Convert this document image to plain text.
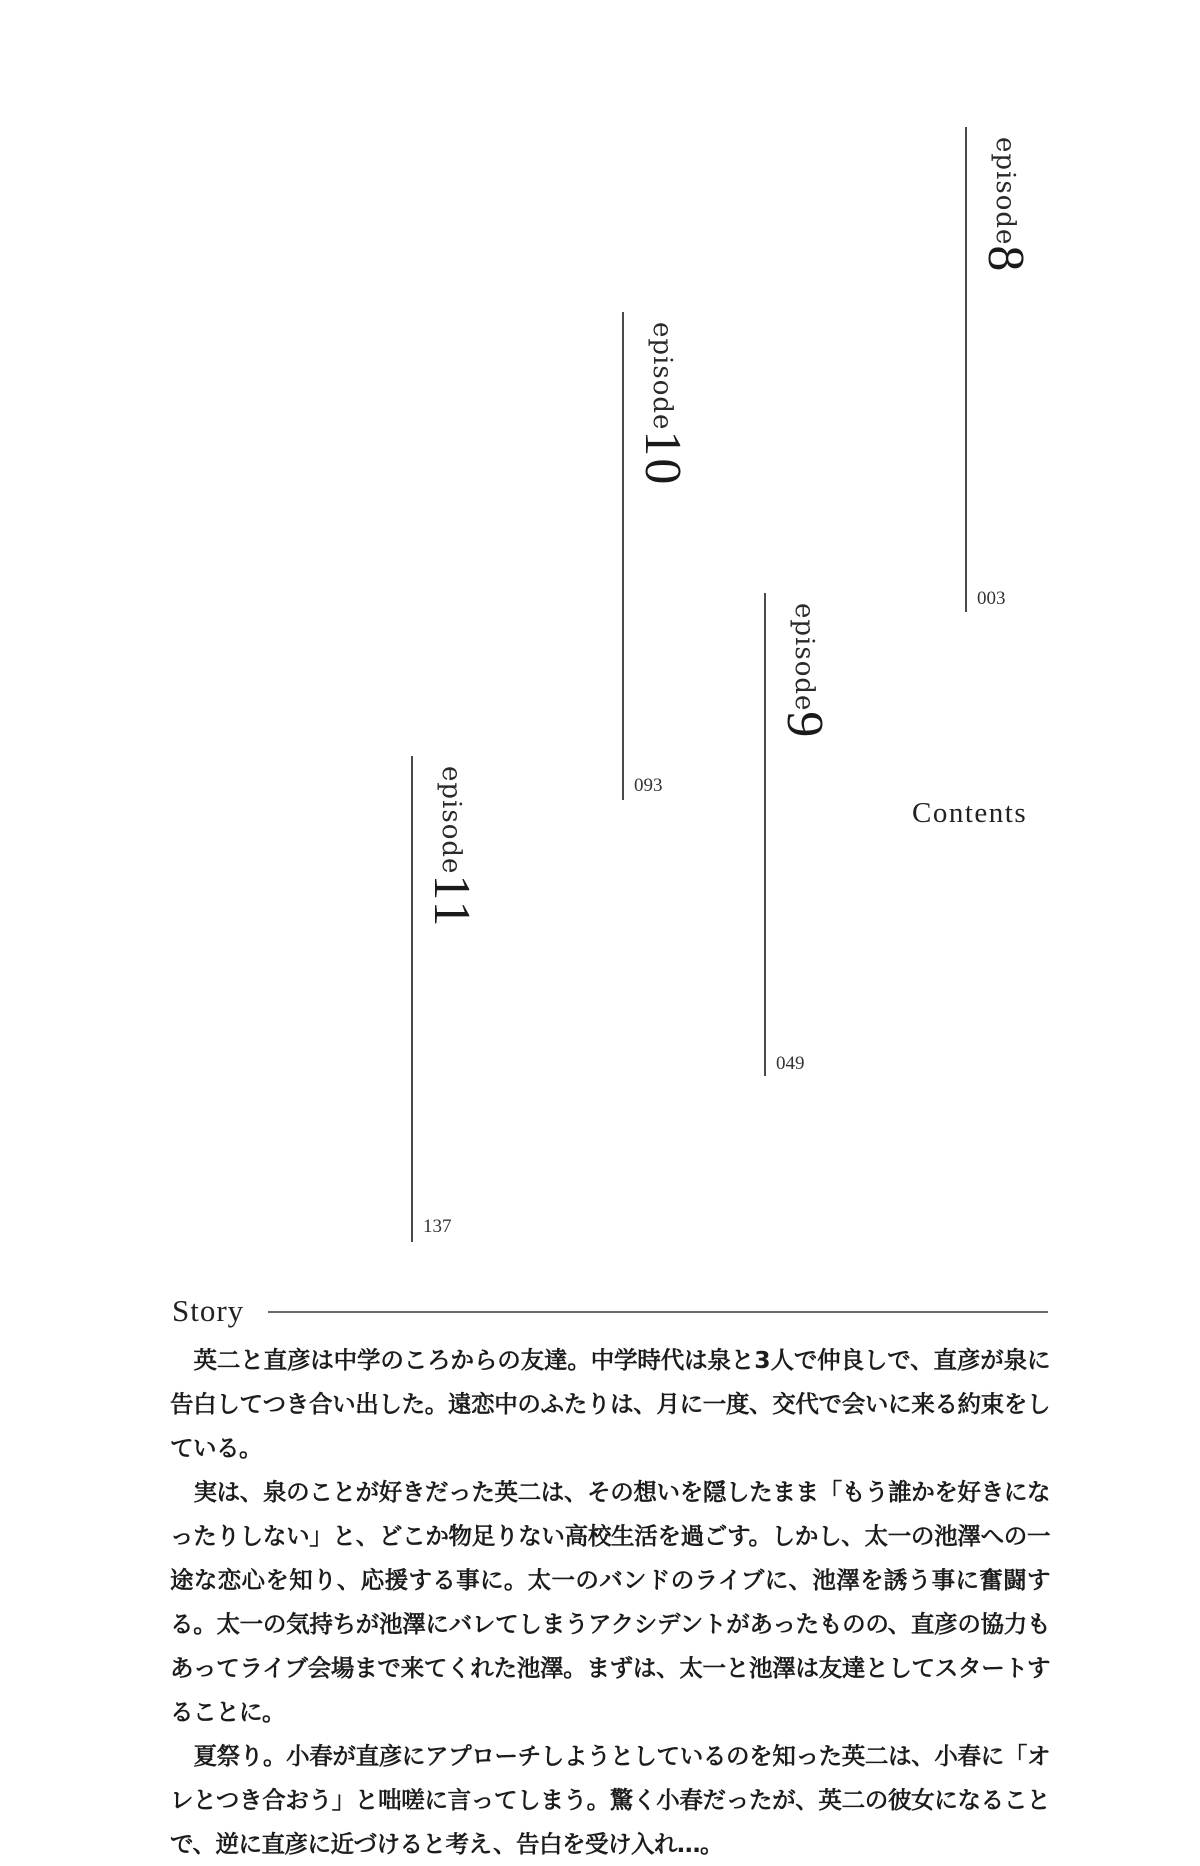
episode8
003
episode10
093
episode9
049
episode11
137
Contents
Story

英二と直彦は中学のころからの友達。中学時代は泉と3人で仲良しで、直彦が泉に告白してつき合い出した。遠恋中のふたりは、月に一度、交代で会いに来る約束をしている。

実は、泉のことが好きだった英二は、その想いを隠したまま「もう誰かを好きになったりしない」と、どこか物足りない高校生活を過ごす。しかし、太一の池澤への一途な恋心を知り、応援する事に。太一のバンドのライブに、池澤を誘う事に奮闘する。太一の気持ちが池澤にバレてしまうアクシデントがあったものの、直彦の協力もあってライブ会場まで来てくれた池澤。まずは、太一と池澤は友達としてスタートすることに。

夏祭り。小春が直彦にアプローチしようとしているのを知った英二は、小春に「オレとつき合おう」と咄嗟に言ってしまう。驚く小春だったが、英二の彼女になることで、逆に直彦に近づけると考え、告白を受け入れ…。
